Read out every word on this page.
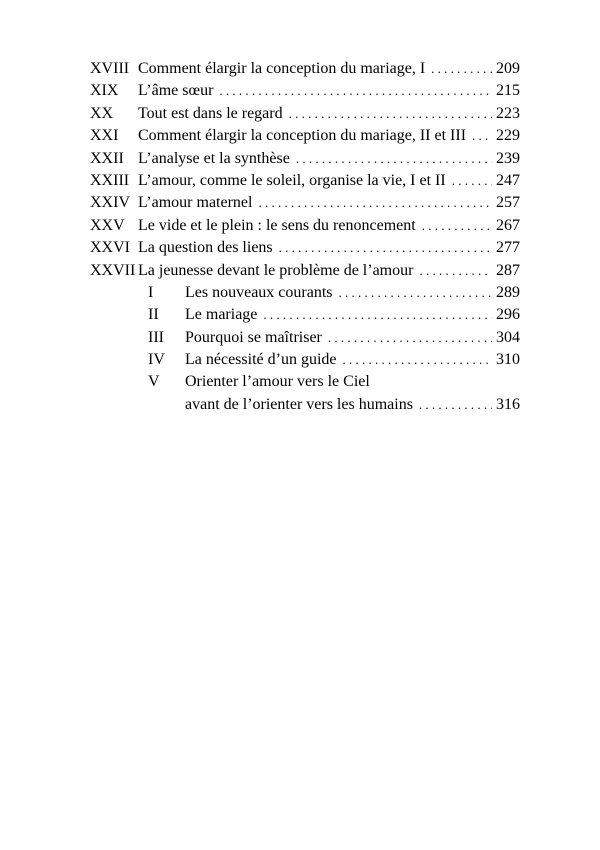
XVIII Comment élargir la conception du mariage, I . . .	209
XIX	L’âme sœur . . .	215
XX	Tout est dans le regard . . .	223
XXI	Comment élargir la conception du mariage, II et III . . . 229
XXII L’analyse et la synthèse . . .	239
XXIII L’amour, comme le soleil, organise la vie, I et II . . .	247
XXIV L’amour maternel . . .	257
XXV Le vide et le plein : le sens du renoncement . . .	267
XXVI La question des liens . . .	277
XXVII La jeunesse devant le problème de l’amour . . .	287
I	Les nouveaux courants . . .	289
II	Le mariage . . .	296
III	Pourquoi se maîtriser . . .	304
IV	La nécessité d’un guide . . .	310
V	Orienter l’amour vers le Ciel
avant de l’orienter vers les humains . . .	316
